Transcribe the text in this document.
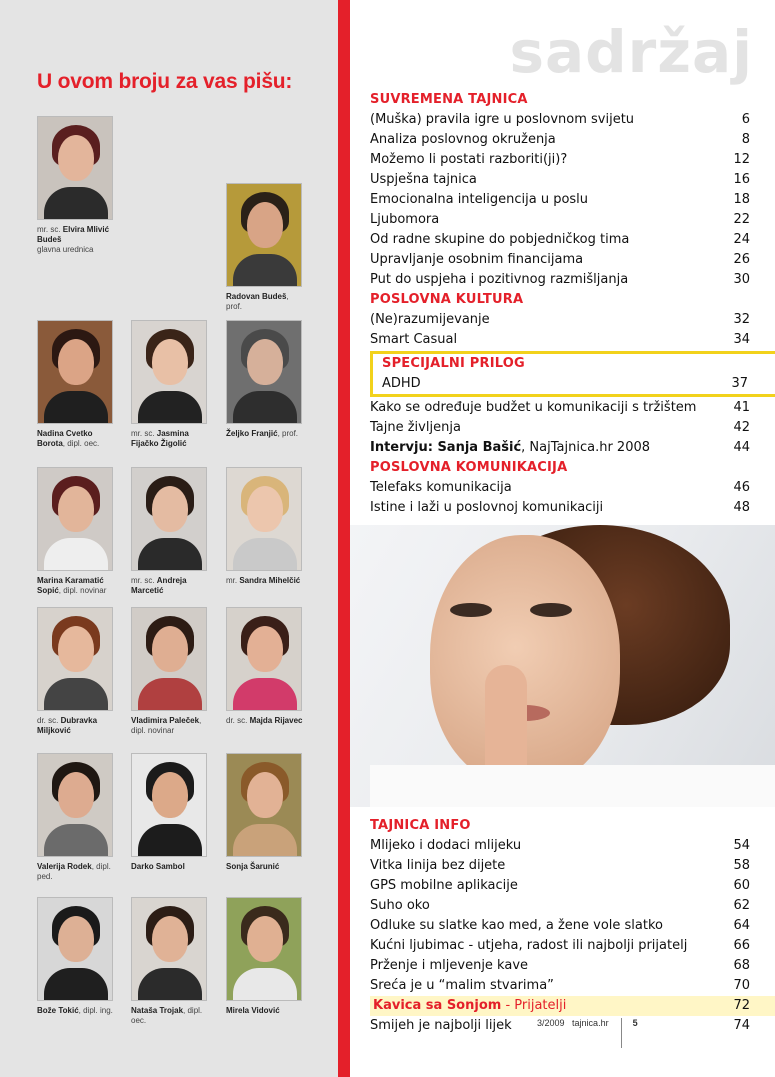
U ovom broju za vas pišu:
mr. sc. Elvira Mlivić Budeš
glavna urednica
Radovan Budeš, prof.
Nadina Cvetko Borota, dipl. oec.
mr. sc. Jasmina Fijačko Žigolić
Željko Franjić, prof.
Marina Karamatić Sopić, dipl. novinar
mr. sc. Andreja Marcetić
mr. Sandra Mihelčić
dr. sc. Dubravka Miljković
Vladimira Paleček, dipl. novinar
dr. sc. Majda Rijavec
Valerija Rodek, dipl. ped.
Darko Sambol	Sonja Šarunić
Bože Tokić, dipl. ing. Nataša Trojak, dipl. oec.
Mirela Vidović
sadržaj
SUVREMENA TAJNICA
(Muška) pravila igre u poslovnom svijetu	6
Analiza poslovnog okruženja	8
Možemo li postati razboriti(ji)?	12
Uspješna tajnica	16
Emocionalna inteligencija u poslu	18
Ljubomora	22
Od radne skupine do pobjedničkog tima	24
Upravljanje osobnim financijama	26
Put do uspjeha i pozitivnog razmišljanja	30
POSLOVNA KULTURA
(Ne)razumijevanje	32
Smart Casual	34
SPECIJALNI PRILOG
ADHD	37
Kako se određuje budžet u komunikaciji s tržištem	41
Tajne življenja	42
Intervju: Sanja Bašić, NajTajnica.hr 2008	44
POSLOVNA KOMUNIKACIJA
Telefaks komunikacija	46
Istine i laži u poslovnoj komunikaciji	48
TAJNICA INFO
Mlijeko i dodaci mlijeku	54
Vitka linija bez dijete	58
GPS mobilne aplikacije	60
Suho oko	62
Odluke su slatke kao med, a žene vole slatko	64
Kućni ljubimac - utjeha, radost ili najbolji prijatelj	66
Prženje i mljevenje kave	68
Sreća je u “malim stvarima”	70
Kavica sa Sonjom - Prijatelji	72
Smijeh je najbolji lijek	74
3/2009 tajnica.hr	5
